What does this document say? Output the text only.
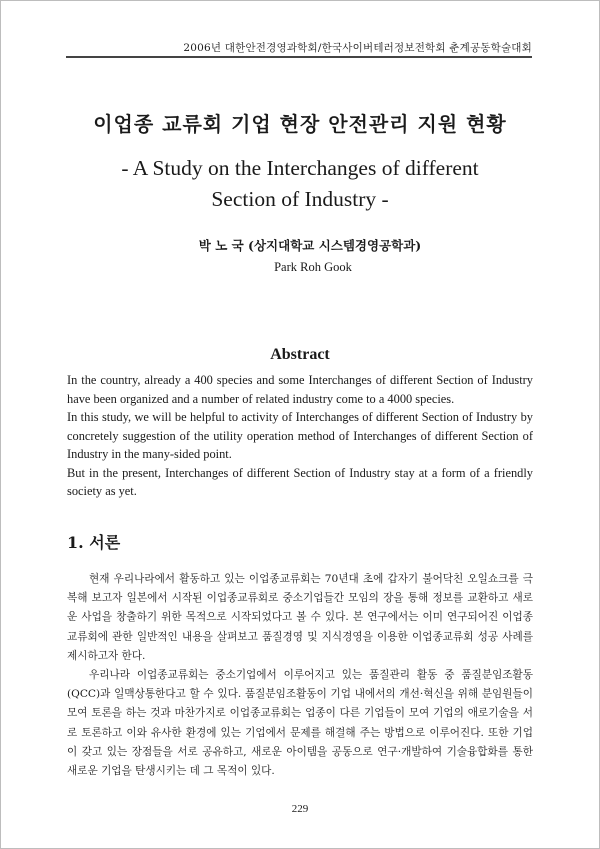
2006년 대한안전경영과학회/한국사이버테러정보전학회 춘계공동학술대회
이업종 교류회 기업 현장 안전관리 지원 현황
- A Study on the Interchanges of different
Section of Industry -
박 노 국 (상지대학교 시스템경영공학과)
Park Roh Gook
Abstract

In the country, already a 400 species and some Interchanges of different Section of Industry have been organized and a number of related industry come to a 4000 species.

In this study, we will be helpful to activity of Interchanges of different Section of Industry by concretely suggestion of the utility operation method of Interchanges of different Section of Industry in the many-sided point.

But in the present, Interchanges of different Section of Industry stay at a form of a friendly society as yet.

1. 서론

현재 우리나라에서 활동하고 있는 이업종교류회는 70년대 초에 갑자기 불어닥친 오일쇼크를 극복해 보고자 일본에서 시작된 이업종교류회로 중소기업들간 모임의 장을 통해 정보를 교환하고 새로운 사업을 창출하기 위한 목적으로 시작되었다고 볼 수 있다. 본 연구에서는 이미 연구되어진 이업종교류회에 관한 일반적인 내용을 살펴보고 품질경영 및 지식경영을 이용한 이업종교류회 성공 사례를 제시하고자 한다.

우리나라 이업종교류회는 중소기업에서 이루어지고 있는 품질관리 활동 중 품질분임조활동(QCC)과 일맥상통한다고 할 수 있다. 품질분임조활동이 기업 내에서의 개선·혁신을 위해 분임원들이 모여 토론을 하는 것과 마찬가지로 이업종교류회는 업종이 다른 기업들이 모여 기업의 애로기술을 서로 토론하고 이와 유사한 환경에 있는 기업에서 문제를 해결해 주는 방법으로 이루어진다. 또한 기업이 갖고 있는 장점들을 서로 공유하고, 새로운 아이템을 공동으로 연구·개발하여 기술융합화를 통한 새로운 기업을 탄생시키는 데 그 목적이 있다.

229
